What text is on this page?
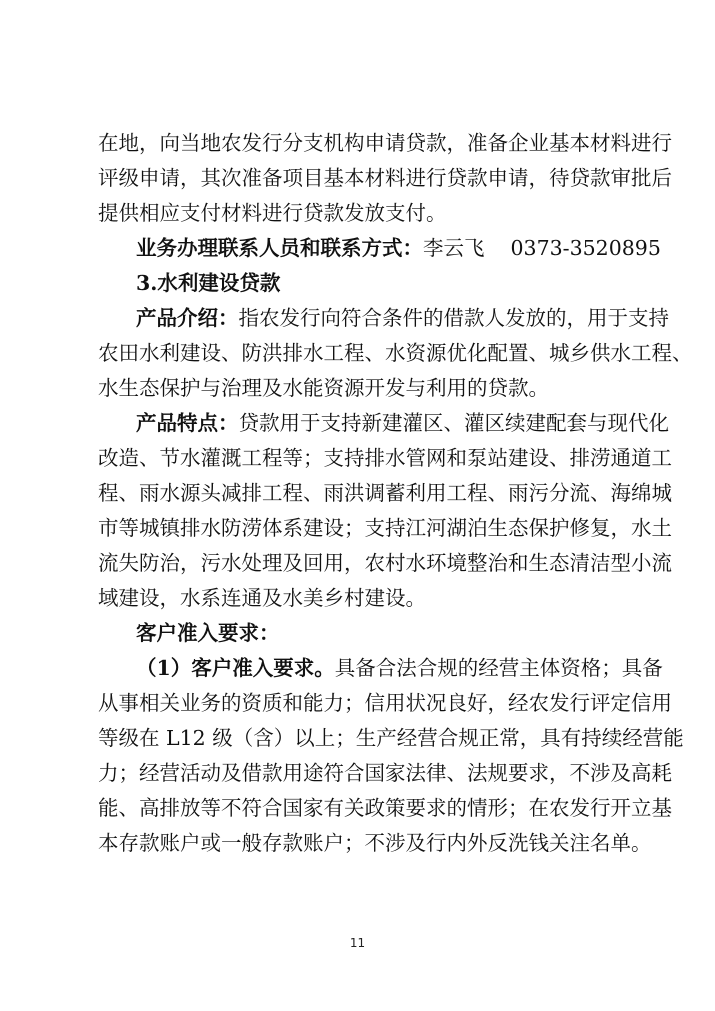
在地，向当地农发行分支机构申请贷款，准备企业基本材料进行
评级申请，其次准备项目基本材料进行贷款申请，待贷款审批后
提供相应支付材料进行贷款发放支付。
业务办理联系人员和联系方式：李云飞 0373-3520895
3.水利建设贷款
产品介绍：指农发行向符合条件的借款人发放的，用于支持
农田水利建设、防洪排水工程、水资源优化配置、城乡供水工程、
水生态保护与治理及水能资源开发与利用的贷款。
产品特点：贷款用于支持新建灌区、灌区续建配套与现代化
改造、节水灌溉工程等；支持排水管网和泵站建设、排涝通道工
程、雨水源头减排工程、雨洪调蓄利用工程、雨污分流、海绵城
市等城镇排水防涝体系建设；支持江河湖泊生态保护修复，水土
流失防治，污水处理及回用，农村水环境整治和生态清洁型小流
域建设，水系连通及水美乡村建设。
客户准入要求：
（1）客户准入要求。具备合法合规的经营主体资格；具备
从事相关业务的资质和能力；信用状况良好，经农发行评定信用
等级在 L12 级（含）以上；生产经营合规正常，具有持续经营能
力；经营活动及借款用途符合国家法律、法规要求，不涉及高耗
能、高排放等不符合国家有关政策要求的情形；在农发行开立基
本存款账户或一般存款账户；不涉及行内外反洗钱关注名单。
11
